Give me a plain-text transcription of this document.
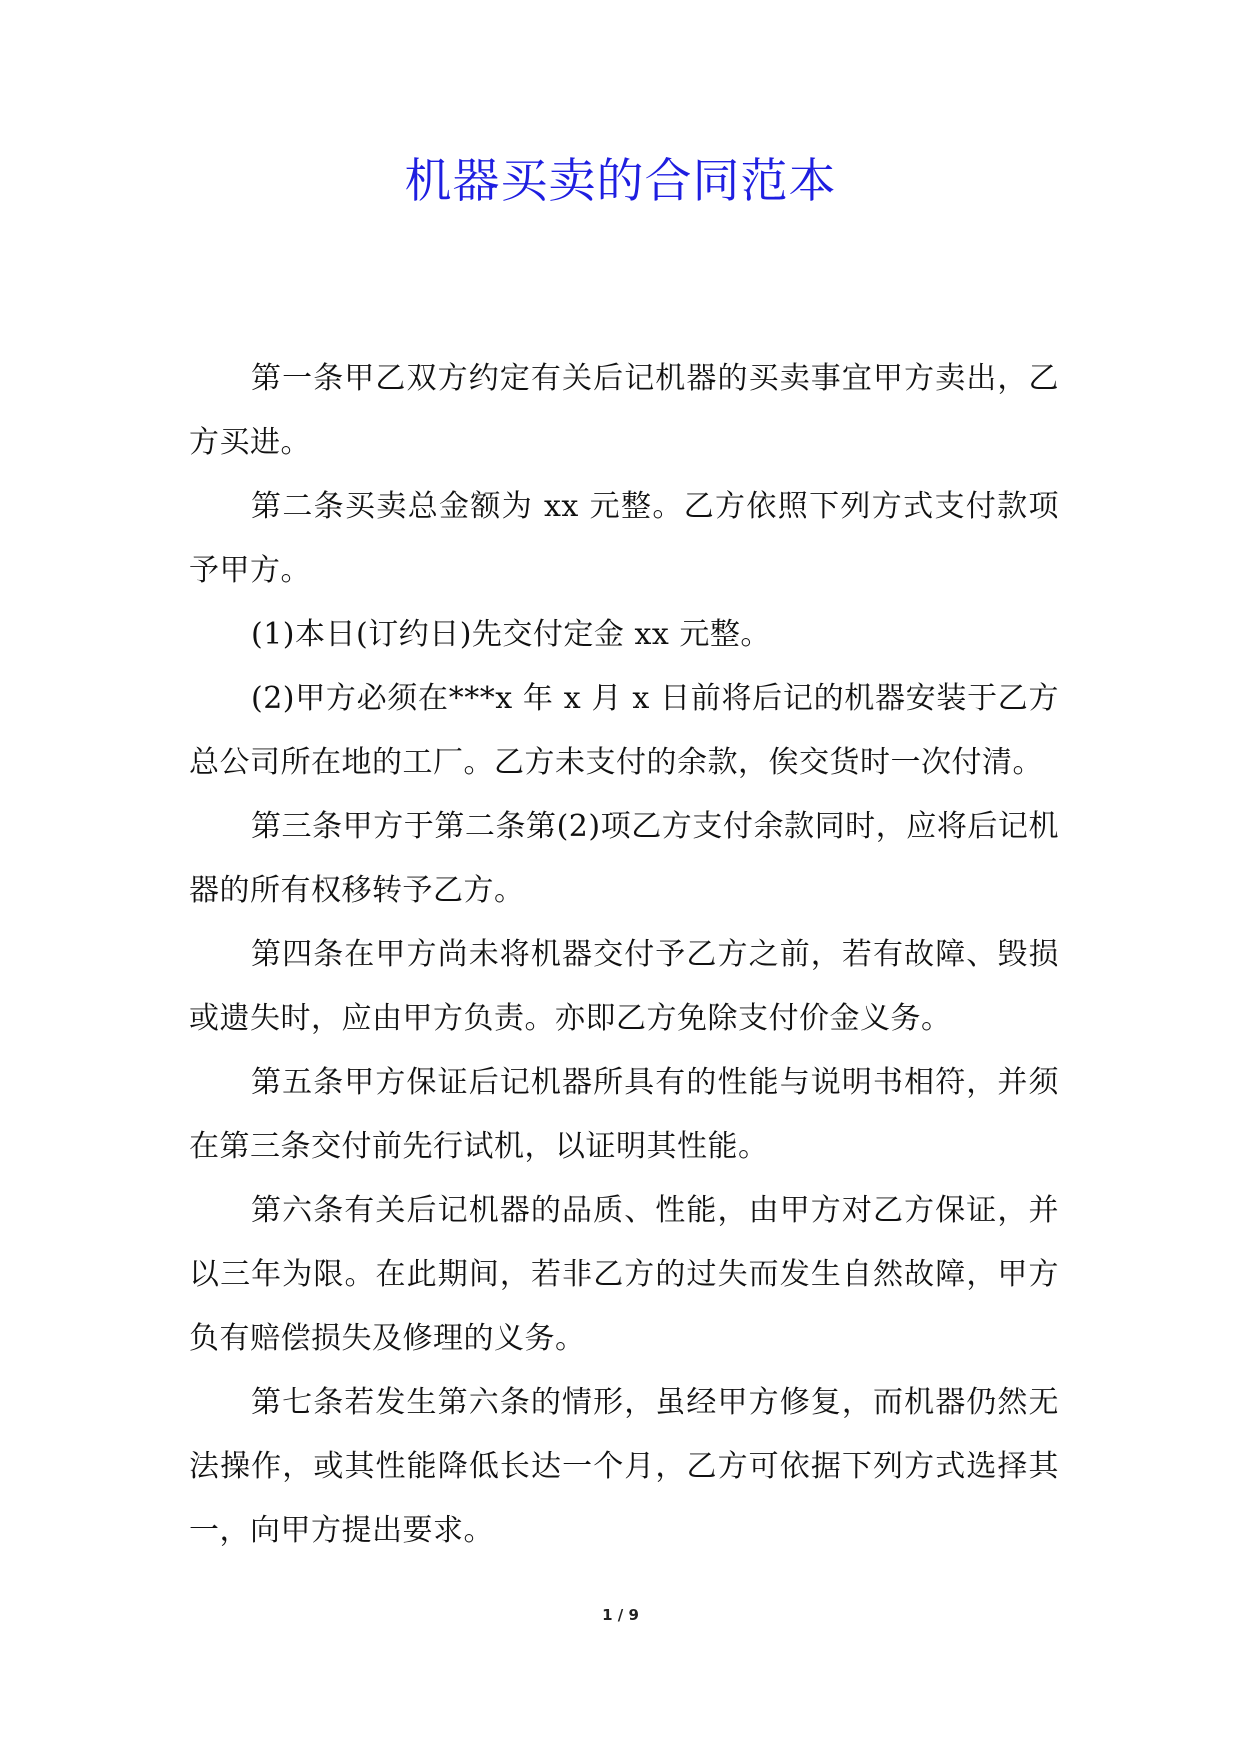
机器买卖的合同范本

第一条甲乙双方约定有关后记机器的买卖事宜甲方卖出，乙方买进。

第二条买卖总金额为 xx 元整。乙方依照下列方式支付款项予甲方。

(1)本日(订约日)先交付定金 xx 元整。

(2)甲方必须在***x 年 x 月 x 日前将后记的机器安装于乙方总公司所在地的工厂。乙方未支付的余款，俟交货时一次付清。

第三条甲方于第二条第(2)项乙方支付余款同时，应将后记机器的所有权移转予乙方。

第四条在甲方尚未将机器交付予乙方之前，若有故障、毁损或遗失时，应由甲方负责。亦即乙方免除支付价金义务。

第五条甲方保证后记机器所具有的性能与说明书相符，并须在第三条交付前先行试机，以证明其性能。

第六条有关后记机器的品质、性能，由甲方对乙方保证，并以三年为限。在此期间，若非乙方的过失而发生自然故障，甲方负有赔偿损失及修理的义务。

第七条若发生第六条的情形，虽经甲方修复，而机器仍然无法操作，或其性能降低长达一个月，乙方可依据下列方式选择其一，向甲方提出要求。

1 / 9
